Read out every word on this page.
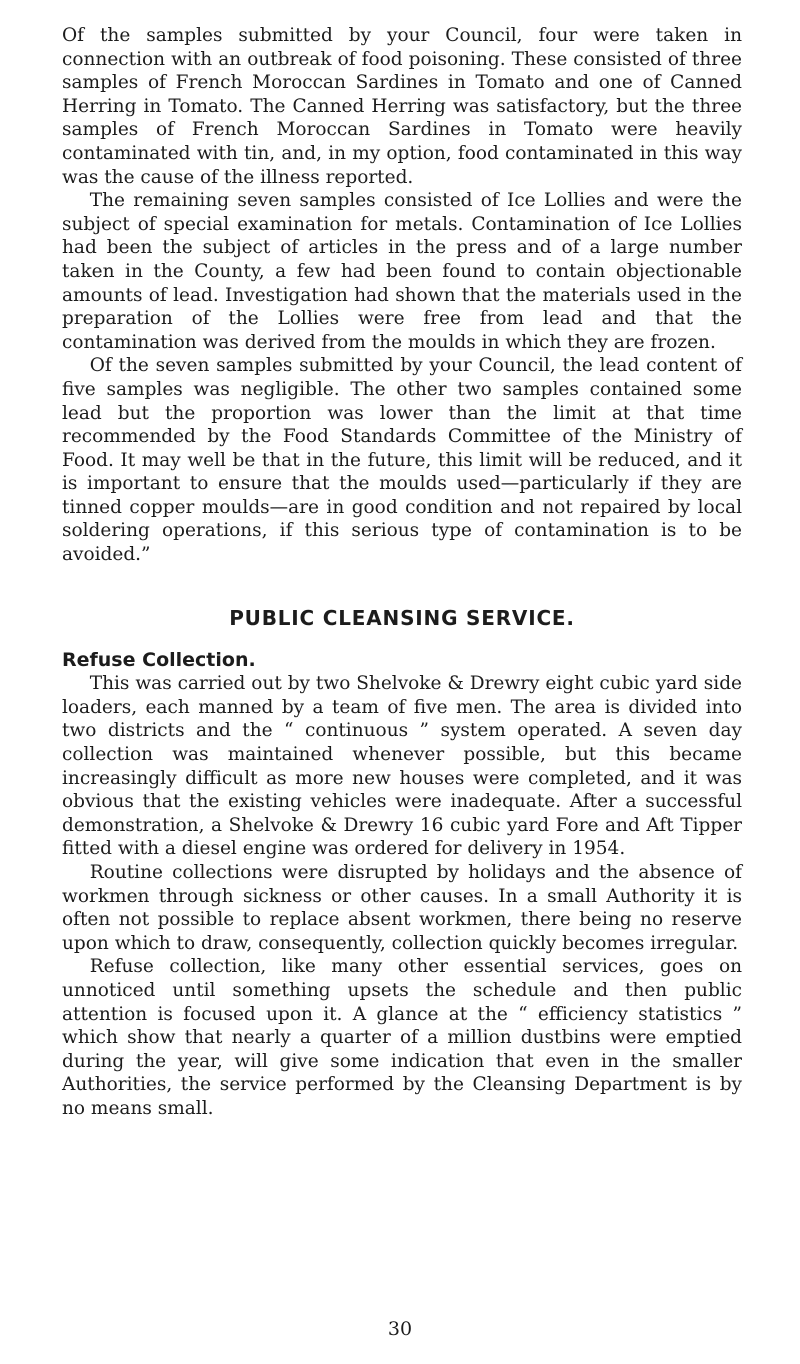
Of the samples submitted by your Council, four were taken in connection with an outbreak of food poisoning. These consisted of three samples of French Moroccan Sardines in Tomato and one of Canned Herring in Tomato. The Canned Herring was satisfactory, but the three samples of French Moroccan Sardines in Tomato were heavily contaminated with tin, and, in my option, food contaminated in this way was the cause of the illness reported.

The remaining seven samples consisted of Ice Lollies and were the subject of special examination for metals. Contamination of Ice Lollies had been the subject of articles in the press and of a large number taken in the County, a few had been found to contain objectionable amounts of lead. Investigation had shown that the materials used in the preparation of the Lollies were free from lead and that the contamination was derived from the moulds in which they are frozen.

Of the seven samples submitted by your Council, the lead content of five samples was negligible. The other two samples contained some lead but the proportion was lower than the limit at that time recommended by the Food Standards Committee of the Ministry of Food. It may well be that in the future, this limit will be reduced, and it is important to ensure that the moulds used—particularly if they are tinned copper moulds—are in good condition and not repaired by local soldering operations, if this serious type of contamination is to be avoided.”

PUBLIC CLEANSING SERVICE.
Refuse Collection.

This was carried out by two Shelvoke & Drewry eight cubic yard side loaders, each manned by a team of five men. The area is divided into two districts and the “ continuous ” system operated. A seven day collection was maintained whenever possible, but this became increasingly difficult as more new houses were completed, and it was obvious that the existing vehicles were inadequate. After a successful demonstration, a Shelvoke & Drewry 16 cubic yard Fore and Aft Tipper fitted with a diesel engine was ordered for delivery in 1954.

Routine collections were disrupted by holidays and the absence of workmen through sickness or other causes. In a small Authority it is often not possible to replace absent workmen, there being no reserve upon which to draw, consequently, collection quickly becomes irregular.

Refuse collection, like many other essential services, goes on unnoticed until something upsets the schedule and then public attention is focused upon it. A glance at the “ efficiency statistics ” which show that nearly a quarter of a million dustbins were emptied during the year, will give some indication that even in the smaller Authorities, the service performed by the Cleansing Department is by no means small.

30
